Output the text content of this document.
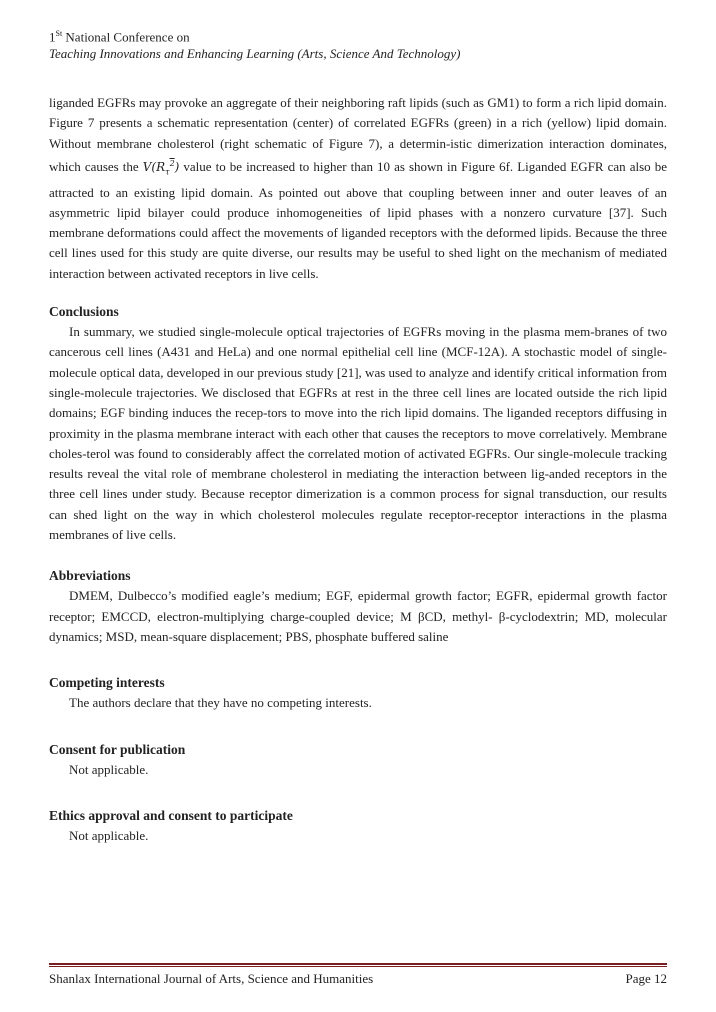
1St National Conference on
Teaching Innovations and Enhancing Learning (Arts, Science And Technology)

liganded EGFRs may provoke an aggregate of their neighboring raft lipids (such as GM1) to form a rich lipid domain. Figure 7 presents a schematic representation (center) of correlated EGFRs (green) in a rich (yellow) lipid domain. Without membrane cholesterol (right schematic of Figure 7), a determin-istic dimerization interaction dominates, which causes the $V(R_\tau^2)$ value to be increased to higher than 10 as shown in Figure 6f. Liganded EGFR can also be attracted to an existing lipid domain. As pointed out above that coupling between inner and outer leaves of an asymmetric lipid bilayer could produce inhomogeneities of lipid phases with a nonzero curvature [37]. Such membrane deformations could affect the movements of liganded receptors with the deformed lipids. Because the three cell lines used for this study are quite diverse, our results may be useful to shed light on the mechanism of mediated interaction between activated receptors in live cells.

Conclusions

In summary, we studied single-molecule optical trajectories of EGFRs moving in the plasma mem-branes of two cancerous cell lines (A431 and HeLa) and one normal epithelial cell line (MCF-12A). A stochastic model of single-molecule optical data, developed in our previous study [21], was used to analyze and identify critical information from single-molecule trajectories. We disclosed that EGFRs at rest in the three cell lines are located outside the rich lipid domains; EGF binding induces the recep-tors to move into the rich lipid domains. The liganded receptors diffusing in proximity in the plasma membrane interact with each other that causes the receptors to move correlatively. Membrane choles-terol was found to considerably affect the correlated motion of activated EGFRs. Our single-molecule tracking results reveal the vital role of membrane cholesterol in mediating the interaction between lig-anded receptors in the three cell lines under study. Because receptor dimerization is a common process for signal transduction, our results can shed light on the way in which cholesterol molecules regulate receptor-receptor interactions in the plasma membranes of live cells.

Abbreviations

DMEM, Dulbecco’s modified eagle’s medium; EGF, epidermal growth factor; EGFR, epidermal growth factor receptor; EMCCD, electron-multiplying charge-coupled device; M βCD, methyl- β-cyclodextrin; MD, molecular dynamics; MSD, mean-square displacement; PBS, phosphate buffered saline

Competing interests

The authors declare that they have no competing interests.

Consent for publication

Not applicable.

Ethics approval and consent to participate

Not applicable.

Shanlax International Journal of Arts, Science and Humanities	Page 12
